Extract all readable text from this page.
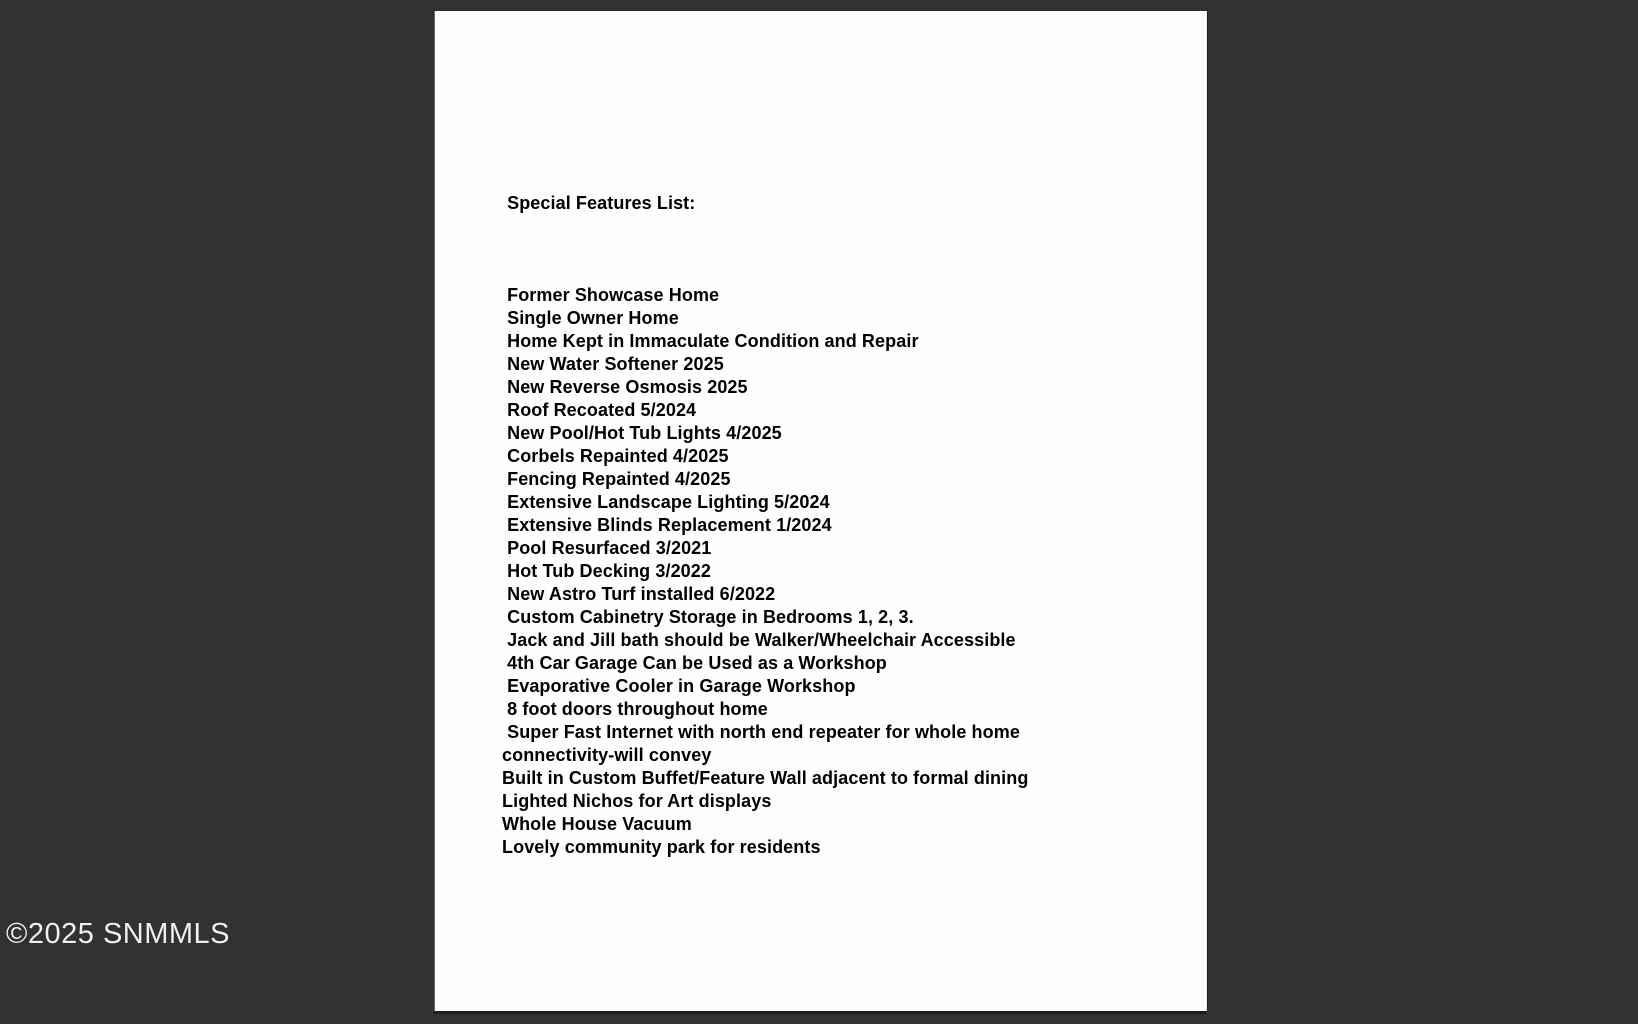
Special Features List:

Former Showcase Home
Single Owner Home
Home Kept in Immaculate Condition and Repair
New Water Softener 2025
New Reverse Osmosis 2025
Roof Recoated 5/2024
New Pool/Hot Tub Lights 4/2025
Corbels Repainted 4/2025
Fencing Repainted 4/2025
Extensive Landscape Lighting 5/2024
Extensive Blinds Replacement 1/2024
Pool Resurfaced 3/2021
Hot Tub Decking 3/2022
New Astro Turf installed 6/2022
Custom Cabinetry Storage in Bedrooms 1, 2, 3.
Jack and Jill bath should be Walker/Wheelchair Accessible
4th Car Garage Can be Used as a Workshop
Evaporative Cooler in Garage Workshop
8 foot doors throughout home
Super Fast Internet with north end repeater for whole home
connectivity-will convey
Built in Custom Buffet/Feature Wall adjacent to formal dining
Lighted Nichos for Art displays
Whole House Vacuum
Lovely community park for residents

©2025 SNMMLS
